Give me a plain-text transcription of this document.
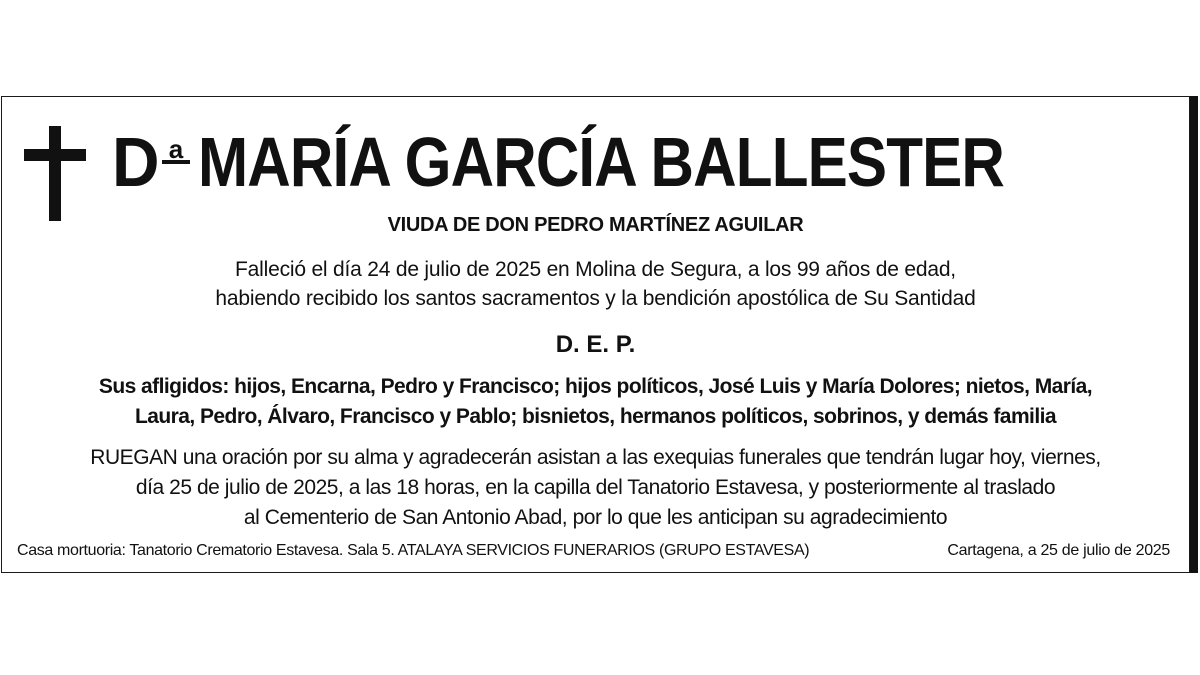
D a MARÍA GARCÍA BALLESTER
VIUDA DE DON PEDRO MARTÍNEZ AGUILAR
Falleció el día 24 de julio de 2025 en Molina de Segura, a los 99 años de edad,
habiendo recibido los santos sacramentos y la bendición apostólica de Su Santidad
D. E. P.
Sus afligidos: hijos, Encarna, Pedro y Francisco; hijos políticos, José Luis y María Dolores; nietos, María,
Laura, Pedro, Álvaro, Francisco y Pablo; bisnietos, hermanos políticos, sobrinos, y demás familia
RUEGAN una oración por su alma y agradecerán asistan a las exequias funerales que tendrán lugar hoy, viernes,
día 25 de julio de 2025, a las 18 horas, en la capilla del Tanatorio Estavesa, y posteriormente al traslado
al Cementerio de San Antonio Abad, por lo que les anticipan su agradecimiento
Casa mortuoria: Tanatorio Crematorio Estavesa. Sala 5. ATALAYA SERVICIOS FUNERARIOS (GRUPO ESTAVESA)	Cartagena, a 25 de julio de 2025
